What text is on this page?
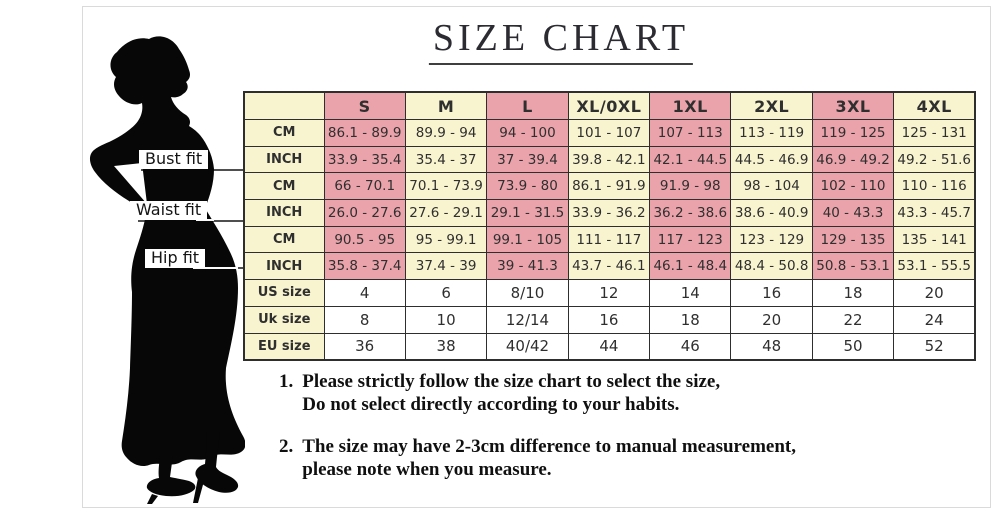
SIZE CHART
Bust fit
Waist fit
Hip fit
	S	M	L	XL/0XL	1XL	2XL	3XL	4XL
CM	86.1 - 89.9	89.9 - 94	94 - 100	101 - 107	107 - 113	113 - 119	119 - 125	125 - 131
INCH	33.9 - 35.4	35.4 - 37	37 - 39.4	39.8 - 42.1	42.1 - 44.5	44.5 - 46.9	46.9 - 49.2	49.2 - 51.6
CM	66 - 70.1	70.1 - 73.9	73.9 - 80	86.1 - 91.9	91.9 - 98	98 - 104	102 - 110	110 - 116
INCH	26.0 - 27.6	27.6 - 29.1	29.1 - 31.5	33.9 - 36.2	36.2 - 38.6	38.6 - 40.9	40 - 43.3	43.3 - 45.7
CM	90.5 - 95	95 - 99.1	99.1 - 105	111 - 117	117 - 123	123 - 129	129 - 135	135 - 141
INCH	35.8 - 37.4	37.4 - 39	39 - 41.3	43.7 - 46.1	46.1 - 48.4	48.4 - 50.8	50.8 - 53.1	53.1 - 55.5
US size	4	6	8/10	12	14	16	18	20
Uk size	8	10	12/14	16	18	20	22	24
EU size	36	38	40/42	44	46	48	50	52
1. Please strictly follow the size chart to select the size,
Do not select directly according to your habits.
2. The size may have 2-3cm difference to manual measurement,
please note when you measure.
